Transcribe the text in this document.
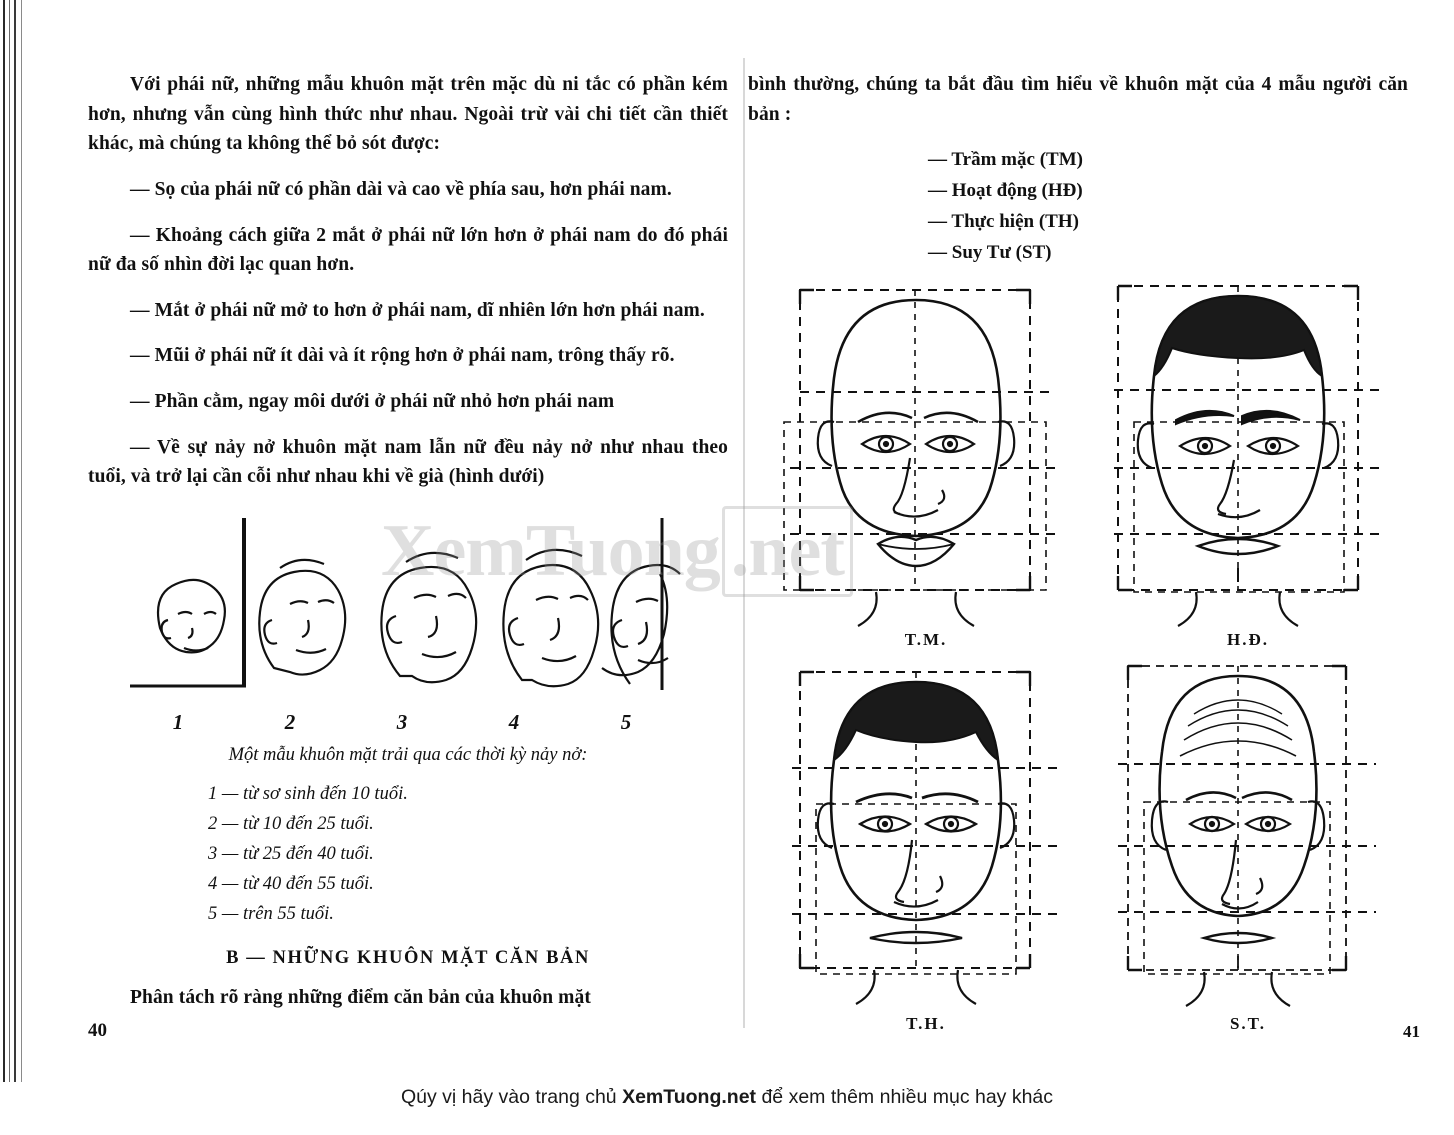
Với phái nữ, những mẫu khuôn mặt trên mặc dù ni tắc có phần kém hơn, nhưng vẫn cùng hình thức như nhau. Ngoài trừ vài chi tiết cần thiết khác, mà chúng ta không thể bỏ sót được:

— Sọ của phái nữ có phần dài và cao về phía sau, hơn phái nam.

— Khoảng cách giữa 2 mắt ở phái nữ lớn hơn ở phái nam do đó phái nữ đa số nhìn đời lạc quan hơn.

— Mắt ở phái nữ mở to hơn ở phái nam, dĩ nhiên lớn hơn phái nam.

— Mũi ở phái nữ ít dài và ít rộng hơn ở phái nam, trông thấy rõ.

— Phần cằm, ngay môi dưới ở phái nữ nhỏ hơn phái nam

— Về sự nảy nở khuôn mặt nam lẫn nữ đều nảy nở như nhau theo tuổi, và trở lại cần cỗi như nhau khi về già (hình dưới)

1	2	3	4	5

Một mẫu khuôn mặt trải qua các thời kỳ nảy nở:

1 — từ sơ sinh đến 10 tuổi.
2 — từ 10 đến 25 tuổi.
3 — từ 25 đến 40 tuổi.
4 — từ 40 đến 55 tuổi.
5 — trên 55 tuổi.
B — NHỮNG KHUÔN MẶT CĂN BẢN

Phân tách rõ ràng những điểm căn bản của khuôn mặt

bình thường, chúng ta bắt đầu tìm hiểu về khuôn mặt của 4 mẫu người căn bản :

— Trầm mặc (TM)
— Hoạt động (HĐ)
— Thực hiện (TH)
— Suy Tư (ST)
T.M.	H.Đ.
T.H.	S.T.
40	41
XemTuong .net
Qúy vị hãy vào trang chủ XemTuong.net để xem thêm nhiều mục hay khác
